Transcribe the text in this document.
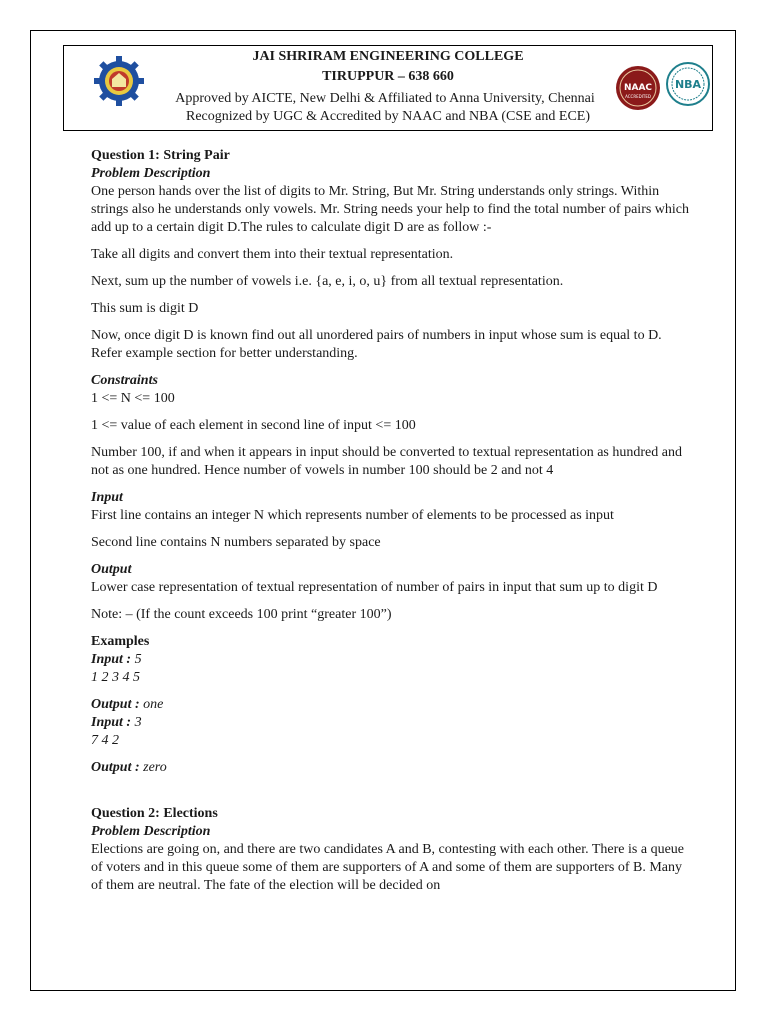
JAI SHRIRAM ENGINEERING COLLEGE
TIRUPPUR – 638 660
Approved by AICTE, New Delhi & Affiliated to Anna University, Chennai
Recognized by UGC & Accredited by NAAC and NBA (CSE and ECE)
NAAC
ACCREDITED
NBA

Question 1: String Pair

Problem Description

One person hands over the list of digits to Mr. String, But Mr. String understands only strings. Within strings also he understands only vowels. Mr. String needs your help to find the total number of pairs which add up to a certain digit D.The rules to calculate digit D are as follow :-

Take all digits and convert them into their textual representation.

Next, sum up the number of vowels i.e. {a, e, i, o, u} from all textual representation.

This sum is digit D

Now, once digit D is known find out all unordered pairs of numbers in input whose sum is equal to D. Refer example section for better understanding.

Constraints

1 <= N <= 100

1 <= value of each element in second line of input <= 100

Number 100, if and when it appears in input should be converted to textual representation as hundred and not as one hundred. Hence number of vowels in number 100 should be 2 and not 4

Input

First line contains an integer N which represents number of elements to be processed as input

Second line contains N numbers separated by space

Output

Lower case representation of textual representation of number of pairs in input that sum up to digit D

Note: – (If the count exceeds 100 print “greater 100”)

Examples

Input : 5

1 2 3 4 5

Output : one

Input : 3

7 4 2

Output : zero

Question 2: Elections

Problem Description

Elections are going on, and there are two candidates A and B, contesting with each other. There is a queue of voters and in this queue some of them are supporters of A and some of them are supporters of B. Many of them are neutral. The fate of the election will be decided on
